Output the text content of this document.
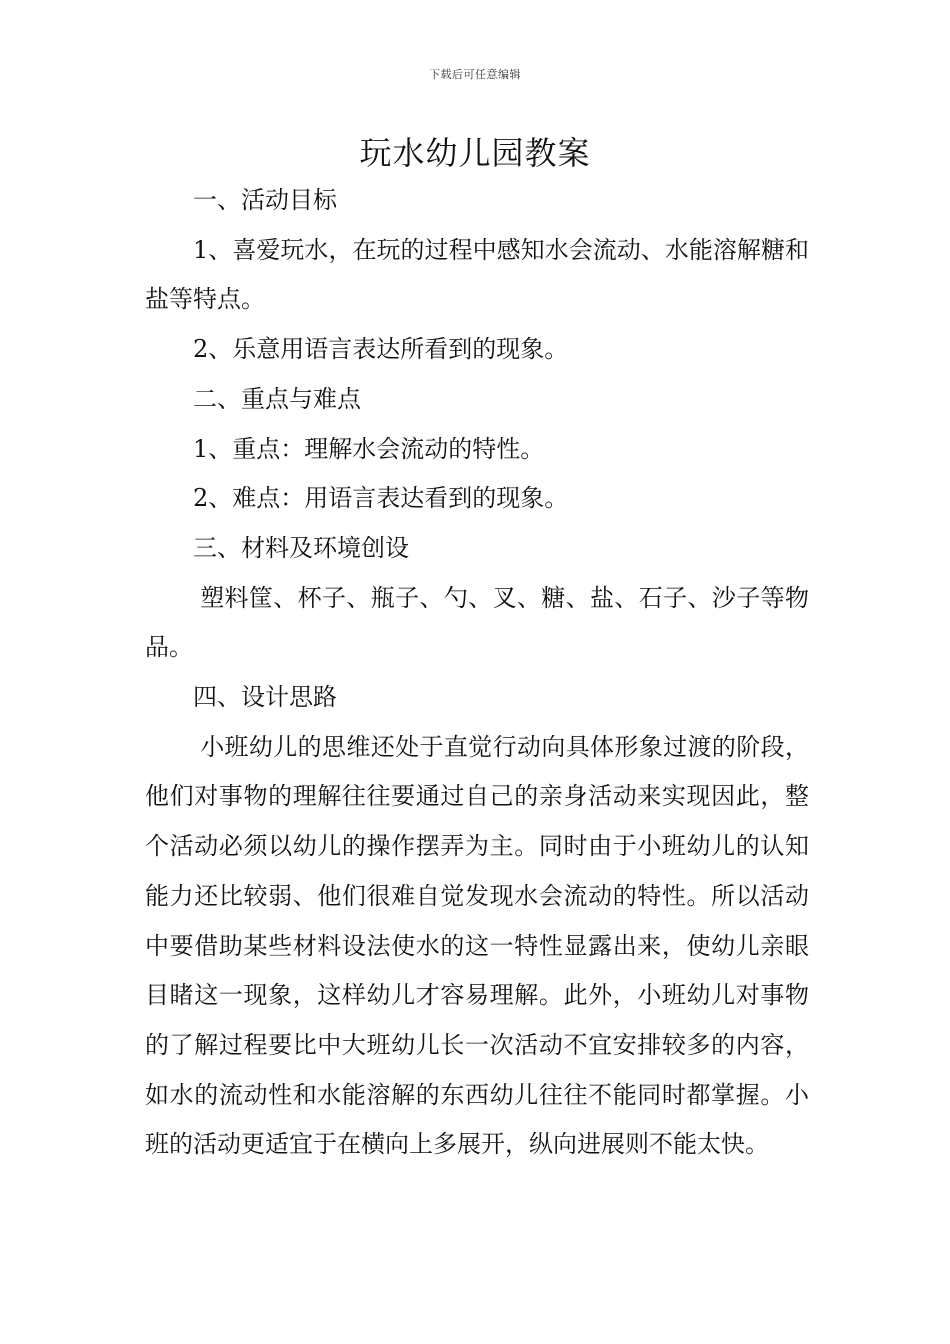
下载后可任意编辑
玩水幼儿园教案

一、活动目标

1、喜爱玩水，在玩的过程中感知水会流动、水能溶解糖和盐等特点。

2、乐意用语言表达所看到的现象。

二、重点与难点

1、重点：理解水会流动的特性。

2、难点：用语言表达看到的现象。

三、材料及环境创设

塑料筐、杯子、瓶子、勺、叉、糖、盐、石子、沙子等物品。

四、设计思路

小班幼儿的思维还处于直觉行动向具体形象过渡的阶段，他们对事物的理解往往要通过自己的亲身活动来实现因此，整个活动必须以幼儿的操作摆弄为主。同时由于小班幼儿的认知能力还比较弱、他们很难自觉发现水会流动的特性。所以活动中要借助某些材料设法使水的这一特性显露出来，使幼儿亲眼目睹这一现象，这样幼儿才容易理解。此外，小班幼儿对事物的了解过程要比中大班幼儿长一次活动不宜安排较多的内容，如水的流动性和水能溶解的东西幼儿往往不能同时都掌握。小班的活动更适宜于在横向上多展开，纵向进展则不能太快。
